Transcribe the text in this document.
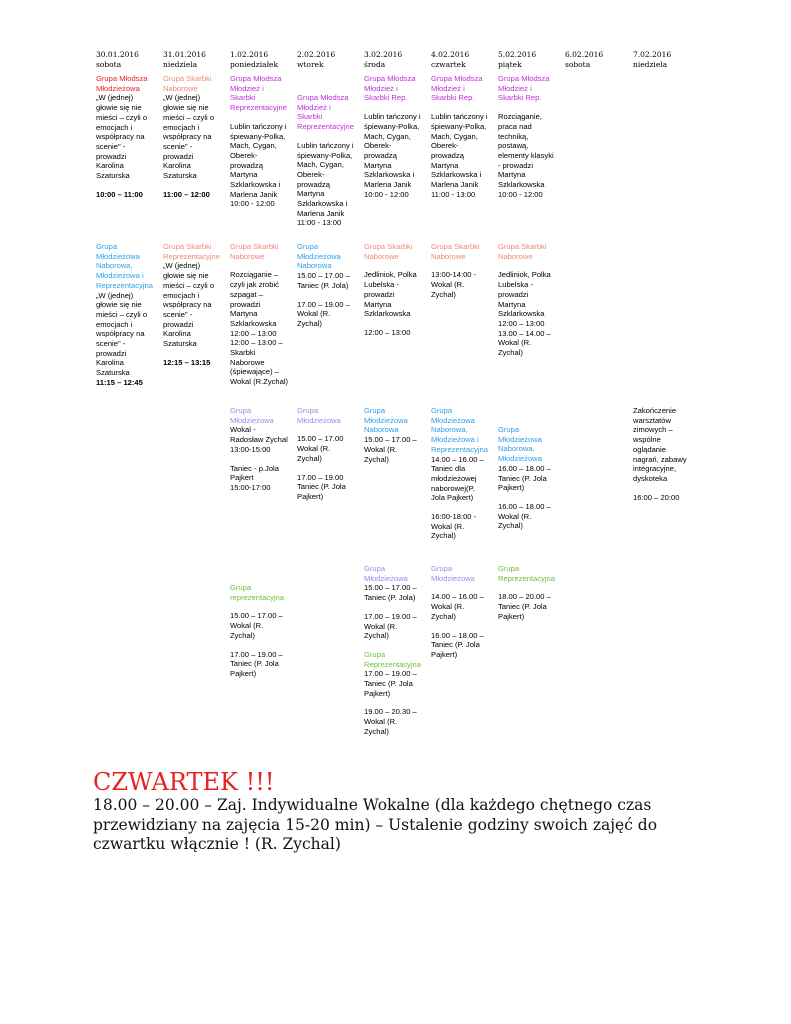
30.01.2016
sobota
31.01.2016
niedziela
1.02.2016
poniedziałek
2.02.2016
wtorek
3.02.2016
środa
4.02.2016
czwartek
5.02.2016
piątek
6.02.2016
sobota
7.02.2016
niedziela
Grupa Młodsza
Młodzieżowa
„W (jednej)
głowie się nie
mieści – czyli o
emocjach i
współpracy na
scenie" -
prowadzi
Karolina
Szaturska
10:00 – 11:00
Grupa Skarbki
Naborowe
„W (jednej)
głowie się nie
mieści – czyli o
emocjach i
współpracy na
scenie" -
prowadzi
Karolina
Szaturska
11:00 – 12:00
Grupa Młodsza
Młodzież i
Skarbki
Reprezentacyjne
Lublin tańczony i
śpiewany-Polka,
Mach, Cygan,
Oberek-
prowadzą
Martyna
Szklarkowska i
Marlena Janik
10:00 - 12:00
Grupa Młodsza
Młodzież i
Skarbki
Reprezentacyjne
Lublin tańczony i
śpiewany-Polka,
Mach, Cygan,
Oberek-
prowadzą
Martyna
Szklarkowska i
Marlena Janik
11:00 - 13:00
Grupa Młodsza
Młodzież i
Skarbki Rep.
Lublin tańczony i
śpiewany-Polka,
Mach, Cygan,
Oberek-
prowadzą
Martyna
Szklarkowska i
Marlena Janik
10:00 - 12:00
Grupa Młodsza
Młodzież i
Skarbki Rep.
Lublin tańczony i
śpiewany-Polka,
Mach, Cygan,
Oberek-
prowadzą
Martyna
Szklarkowska i
Marlena Janik
11:00 - 13:00
Grupa Młodsza
Młodzież i
Skarbki Rep.
Rozciąganie,
praca nad
techniką,
postawą,
elementy klasyki
- prowadzi
Martyna
Szklarkowska
10:00 - 12:00
Grupa
Młodzieżowa
Naborowa,
Młodzieżowa i
Reprezentacyjna
„W (jednej)
głowie się nie
mieści – czyli o
emocjach i
współpracy na
scenie" -
prowadzi
Karolina
Szaturska
11:15 – 12:45
Grupa Skarbki
Reprezentacyjne
„W (jednej)
głowie się nie
mieści – czyli o
emocjach i
współpracy na
scenie" -
prowadzi
Karolina
Szaturska
12:15 – 13:15
Grupa Skarbki
Naborowe
Rozciąganie –
czyli jak zrobić
szpagat –
prowadzi
Martyna
Szklarkowska
12:00 – 13:00
12:00 – 13:00 –
Skarbki
Naborowe
(śpiewające) –
Wokal (R.Zychal)
Grupa
Młodzieżowa
Naborowa
15.00 – 17.00 –
Taniec (P. Jola)
17.00 – 19.00 –
Wokal (R.
Zychal)
Grupa Skarbki
Naborowe
Jedliniok, Polka
Lubelska -
prowadzi
Martyna
Szklarkowska
12:00 – 13:00
Grupa Skarbki
Naborowe
13:00-14:00 -
Wokal (R.
Zychal)
Grupa Skarbki
Naborowe
Jedliniok, Polka
Lubelska -
prowadzi
Martyna
Szklarkowska
12:00 – 13:00
13.00 – 14.00 –
Wokal (R.
Zychal)
Grupa
Młodzieżowa
Wokal -
Radosław Zychal
13:00-15:00
Taniec - p.Jola
Pajkert
15:00-17:00
Grupa
Młodzieżowa
15.00 – 17.00
Wokal (R.
Zychal)
17.00 – 19.00
Taniec (P. Jola
Pajkert)
Grupa
Młodzieżowa
Naborowa
15.00 – 17.00 –
Wokal (R.
Zychal)
Grupa
Młodzieżowa
Naborowa,
Młodzieżowa i
Reprezentacyjna
14.00 – 16.00 –
Taniec dla
młodzieżowej
naborowej(P.
Jola Pajkert)
16:00-18:00 -
Wokal (R.
Zychal)
Grupa
Młodzieżowa
Naborowa,
Młodzieżowa
16.00 – 18.00 –
Taniec (P. Jola
Pajkert)
16.00 – 18.00 –
Wokal (R.
Zychal)
Zakończenie
warsztatów
zimowych –
wspólne
oglądanie
nagrań, zabawy
integracyjne,
dyskoteka
16:00 – 20:00
Grupa
reprezentacyjna
15.00 – 17.00 –
Wokal (R.
Zychal)
17.00 – 19.00 –
Taniec (P. Jola
Pajkert)
Grupa
Młodzieżowa
15.00 – 17.00 –
Taniec (P. Jola)
17.00 – 19.00 –
Wokal (R.
Zychal)
Grupa
Reprezentacyjna
17.00 – 19.00 –
Taniec (P. Jola
Pajkert)
19.00 – 20.30 –
Wokal (R.
Zychal)
Grupa
Młodzieżowa
14.00 – 16.00 –
Wokal (R.
Zychal)
16.00 – 18.00 –
Taniec (P. Jola
Pajkert)
Grupa
Reprezentacyjna
18.00 – 20.00 –
Taniec (P. Jola
Pajkert)
CZWARTEK !!!
18.00 – 20.00 – Zaj. Indywidualne Wokalne (dla każdego chętnego czas przewidziany na zajęcia 15-20 min) – Ustalenie godziny swoich zajęć do czwartku włącznie ! (R. Zychal)
